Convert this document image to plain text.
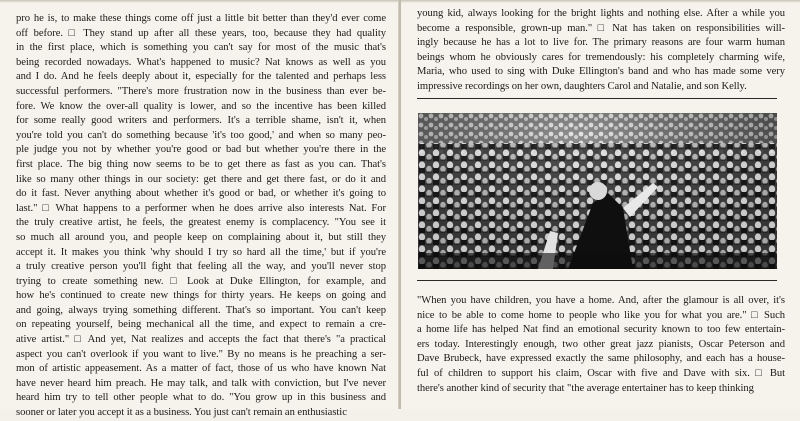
pro he is, to make these things come off just a little bit better than they'd ever come
off before. □ They stand up after all these years, too, because they had quality
in the first place, which is something you can't say for most of the music that's
being recorded nowadays. What's happened to music? Nat knows as well as you
and I do. And he feels deeply about it, especially for the talented and perhaps less
successful performers. "There's more frustration now in the business than ever be-
fore. We know the over-all quality is lower, and so the incentive has been killed
for some really good writers and performers. It's a terrible shame, isn't it, when
you're told you can't do something because 'it's too good,' and when so many peo-
ple judge you not by whether you're good or bad but whether you're there in the
first place. The big thing now seems to be to get there as fast as you can. That's
like so many other things in our society: get there and get there fast, or do it and
do it fast. Never anything about whether it's good or bad, or whether it's going to
last." □ What happens to a performer when he does arrive also interests Nat. For
the truly creative artist, he feels, the greatest enemy is complacency. "You see it
so much all around you, and people keep on complaining about it, but still they
accept it. It makes you think 'why should I try so hard all the time,' but if you're
a truly creative person you'll fight that feeling all the way, and you'll never stop
trying to create something new. □ Look at Duke Ellington, for example, and
how he's continued to create new things for thirty years. He keeps on going and
and going, always trying something different. That's so important. You can't keep
on repeating yourself, being mechanical all the time, and expect to remain a cre-
ative artist." □ And yet, Nat realizes and accepts the fact that there's "a practical
aspect you can't overlook if you want to live." By no means is he preaching a ser-
mon of artistic appeasement. As a matter of fact, those of us who have known Nat
have never heard him preach. He may talk, and talk with conviction, but I've never
heard him try to tell other people what to do. "You grow up in this business and
sooner or later you accept it as a business. You just can't remain an enthusiastic
young kid, always looking for the bright lights and nothing else. After a while you
become a responsible, grown-up man." □ Nat has taken on responsibilities will-
ingly because he has a lot to live for. The primary reasons are four warm human
beings whom he obviously cares for tremendously: his completely charming wife,
Maria, who used to sing with Duke Ellington's band and who has made some very
impressive recordings on her own, daughters Carol and Natalie, and son Kelly.
"When you have children, you have a home. And, after the glamour is all over, it's
nice to be able to come home to people who like you for what you are." □ Such
a home life has helped Nat find an emotional security known to too few entertain-
ers today. Interestingly enough, two other great jazz pianists, Oscar Peterson and
Dave Brubeck, have expressed exactly the same philosophy, and each has a house-
ful of children to support his claim, Oscar with five and Dave with six. □ But
there's another kind of security that "the average entertainer has to keep thinking
